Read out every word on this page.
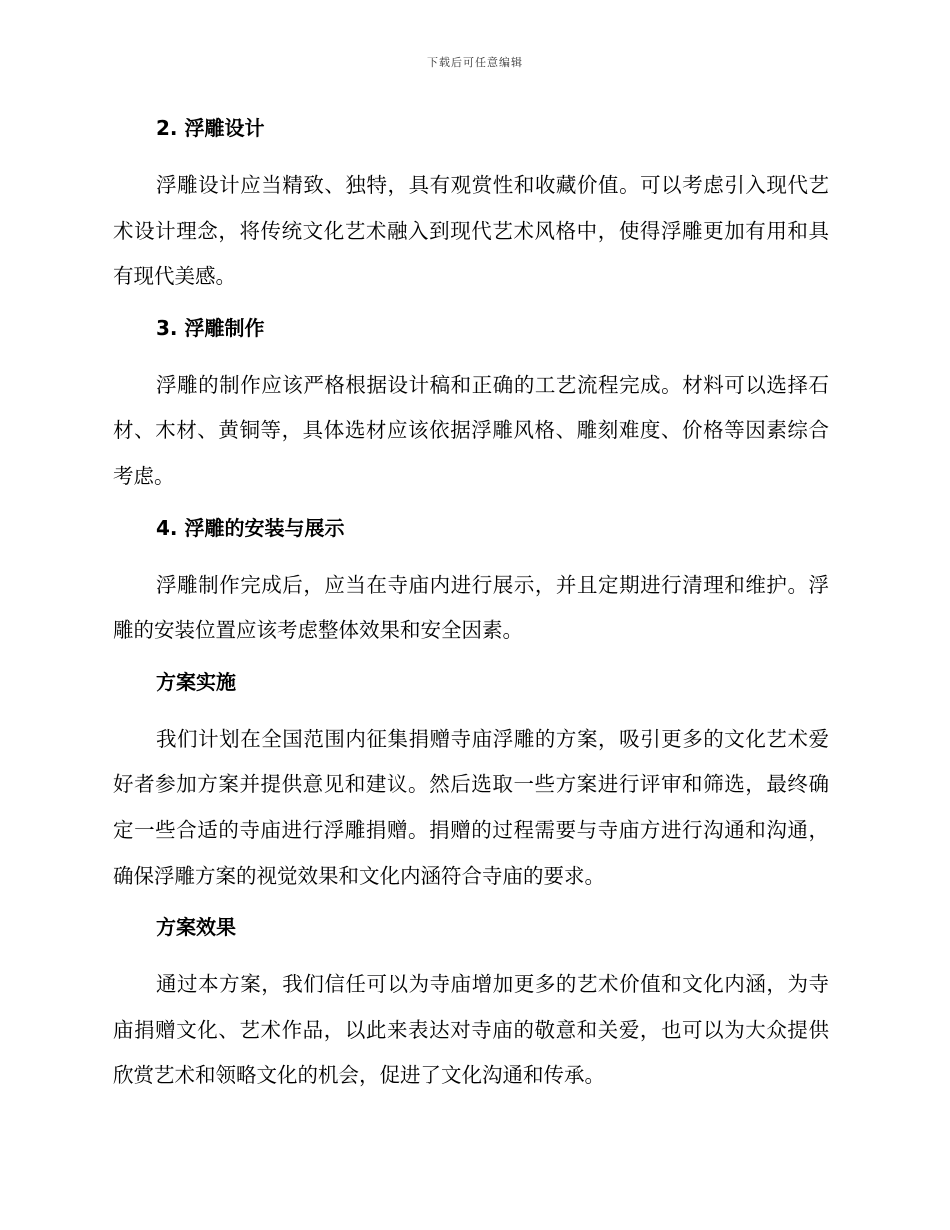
下载后可任意编辑
2. 浮雕设计

浮雕设计应当精致、独特，具有观赏性和收藏价值。可以考虑引入现代艺术设计理念，将传统文化艺术融入到现代艺术风格中，使得浮雕更加有用和具有现代美感。

3. 浮雕制作

浮雕的制作应该严格根据设计稿和正确的工艺流程完成。材料可以选择石材、木材、黄铜等，具体选材应该依据浮雕风格、雕刻难度、价格等因素综合考虑。

4. 浮雕的安装与展示

浮雕制作完成后，应当在寺庙内进行展示，并且定期进行清理和维护。浮雕的安装位置应该考虑整体效果和安全因素。

方案实施

我们计划在全国范围内征集捐赠寺庙浮雕的方案，吸引更多的文化艺术爱好者参加方案并提供意见和建议。然后选取一些方案进行评审和筛选，最终确定一些合适的寺庙进行浮雕捐赠。捐赠的过程需要与寺庙方进行沟通和沟通，确保浮雕方案的视觉效果和文化内涵符合寺庙的要求。

方案效果

通过本方案，我们信任可以为寺庙增加更多的艺术价值和文化内涵，为寺庙捐赠文化、艺术作品，以此来表达对寺庙的敬意和关爱，也可以为大众提供欣赏艺术和领略文化的机会，促进了文化沟通和传承。
